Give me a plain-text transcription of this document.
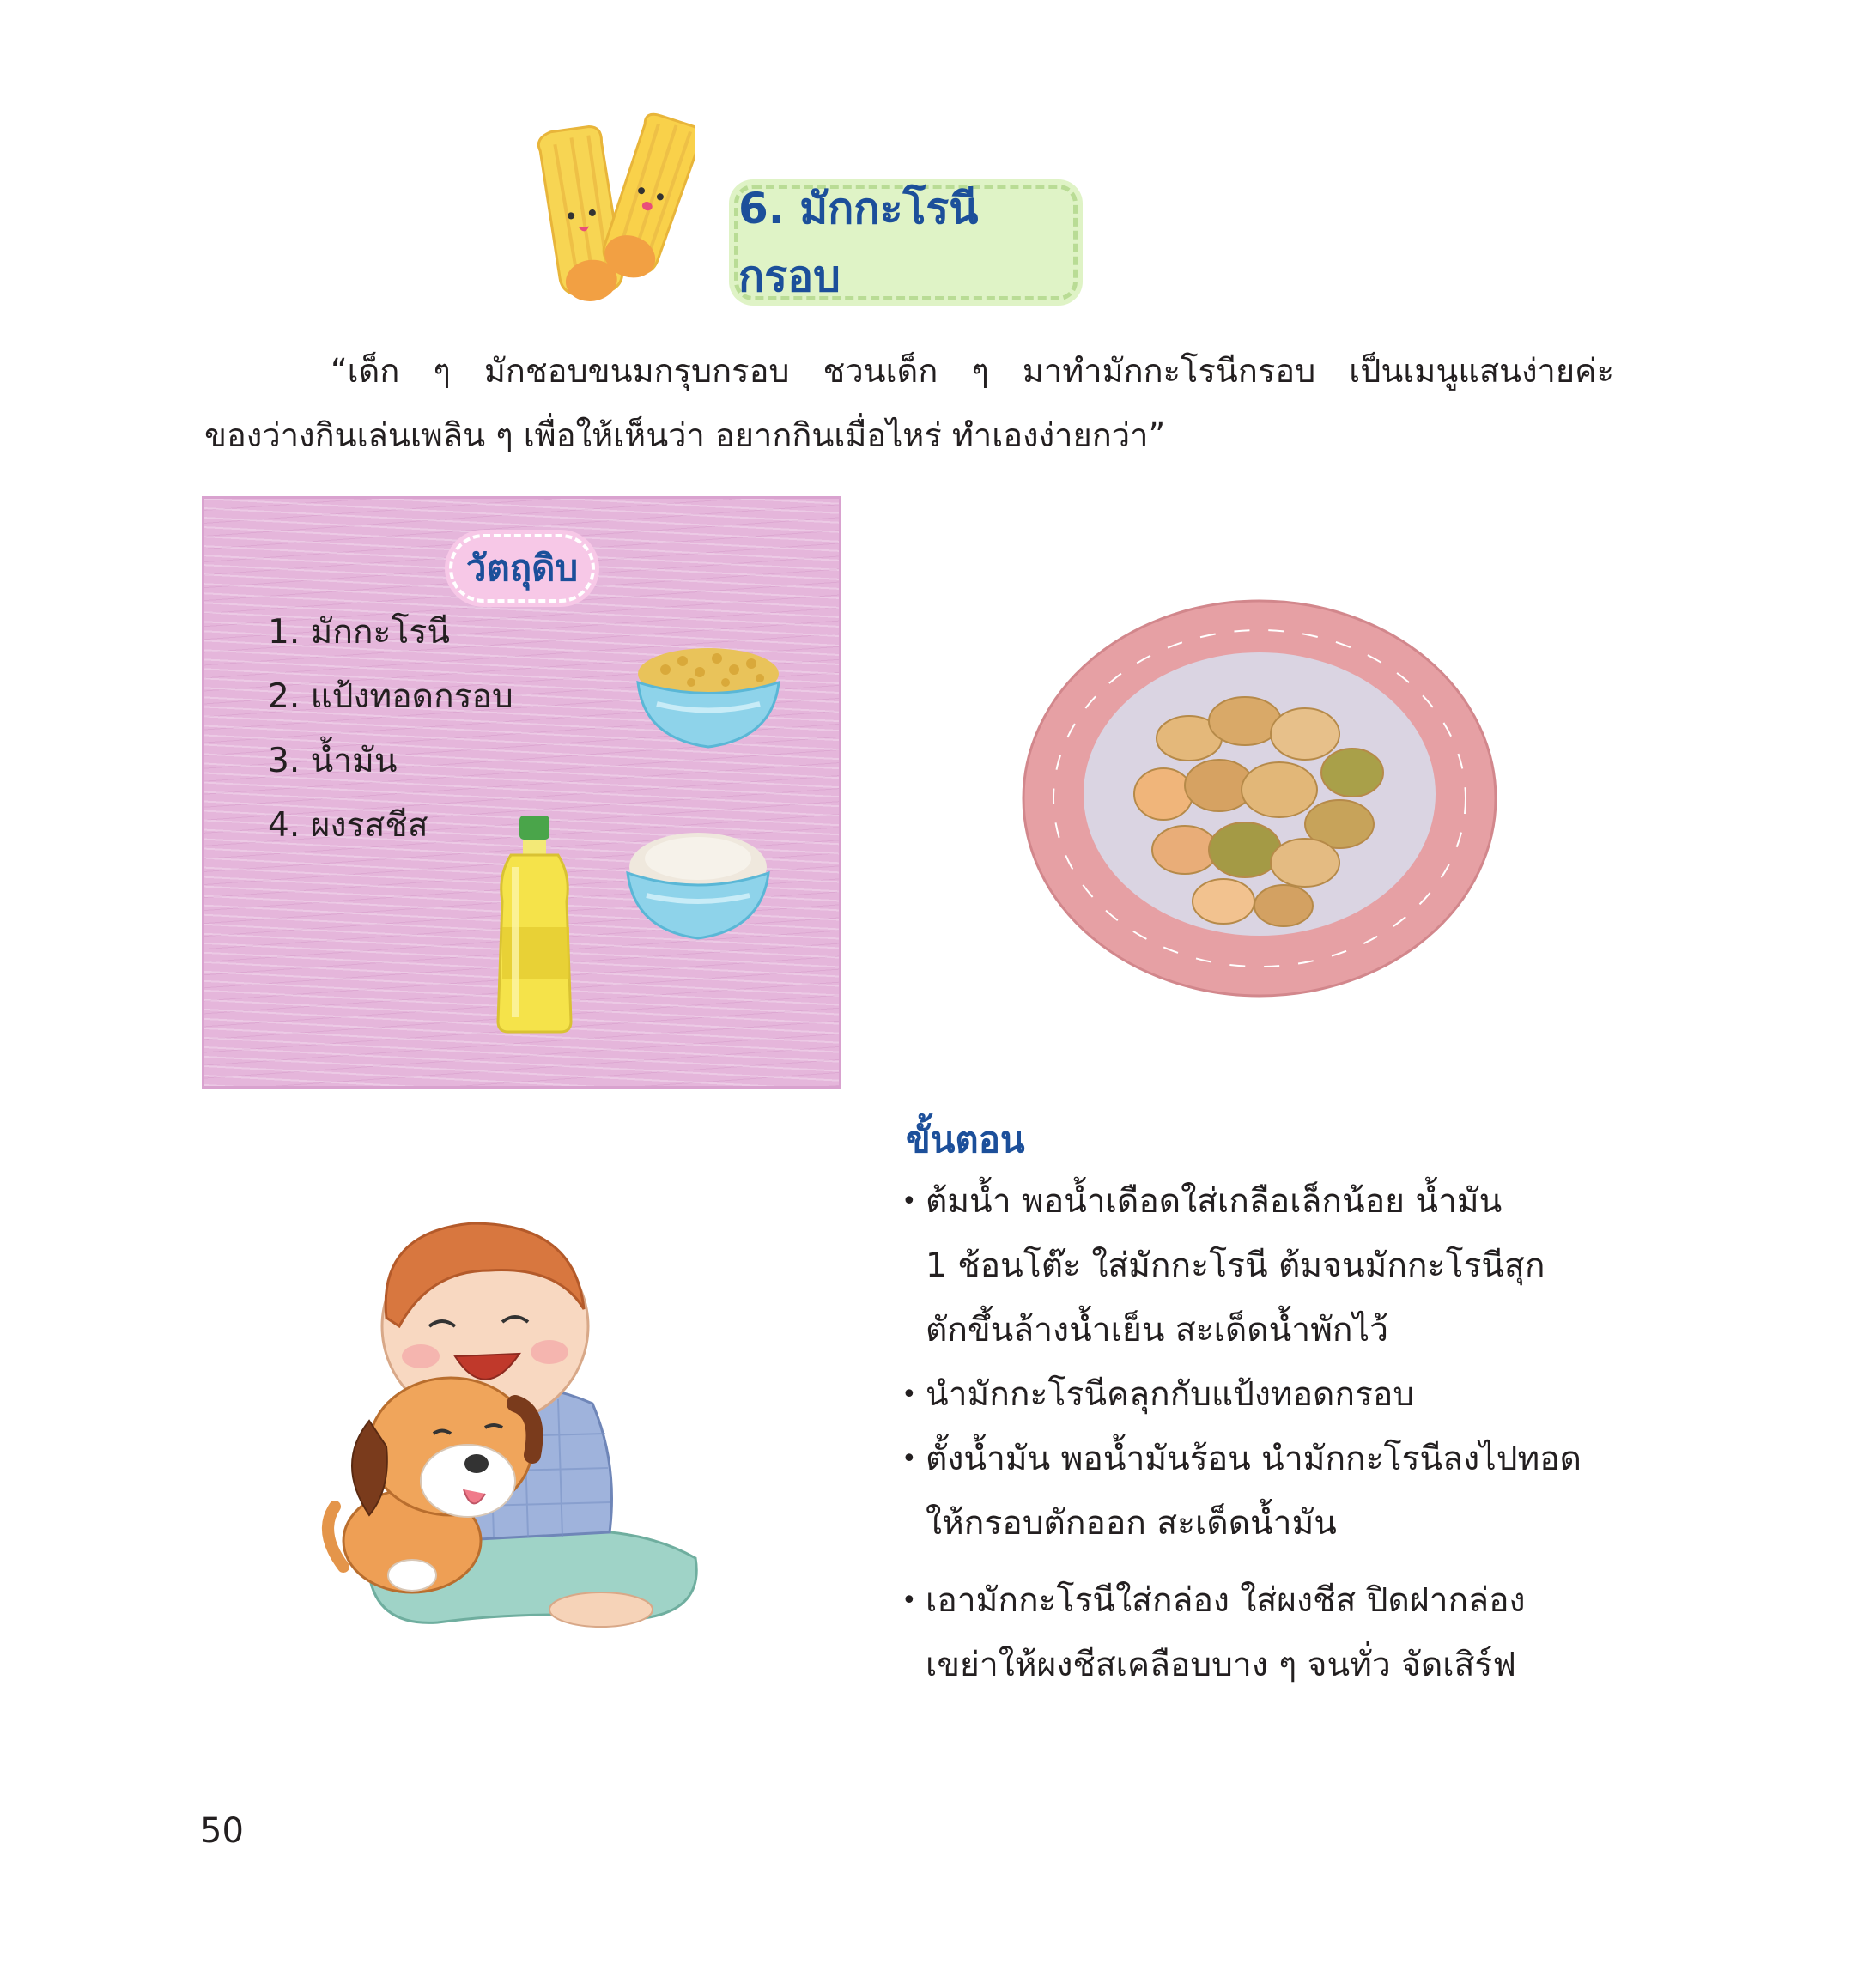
6. มักกะโรนีกรอบ
“เด็ก ๆ มักชอบขนมกรุบกรอบ ชวนเด็ก ๆ มาทำมักกะโรนีกรอบ เป็นเมนูแสนง่ายค่ะ
ของว่างกินเล่นเพลิน ๆ เพื่อให้เห็นว่า อยากกินเมื่อไหร่ ทำเองง่ายกว่า”
วัตถุดิบ
1. มักกะโรนี
2. แป้งทอดกรอบ
3. น้ำมัน
4. ผงรสชีส
ขั้นตอน
• ต้มน้ำ พอน้ำเดือดใส่เกลือเล็กน้อย น้ำมัน
1 ช้อนโต๊ะ ใส่มักกะโรนี ต้มจนมักกะโรนีสุก
ตักขึ้นล้างน้ำเย็น สะเด็ดน้ำพักไว้
• นำมักกะโรนีคลุกกับแป้งทอดกรอบ
• ตั้งน้ำมัน พอน้ำมันร้อน นำมักกะโรนีลงไปทอด
ให้กรอบตักออก สะเด็ดน้ำมัน
• เอามักกะโรนีใส่กล่อง ใส่ผงชีส ปิดฝากล่อง
เขย่าให้ผงชีสเคลือบบาง ๆ จนทั่ว จัดเสิร์ฟ
50
